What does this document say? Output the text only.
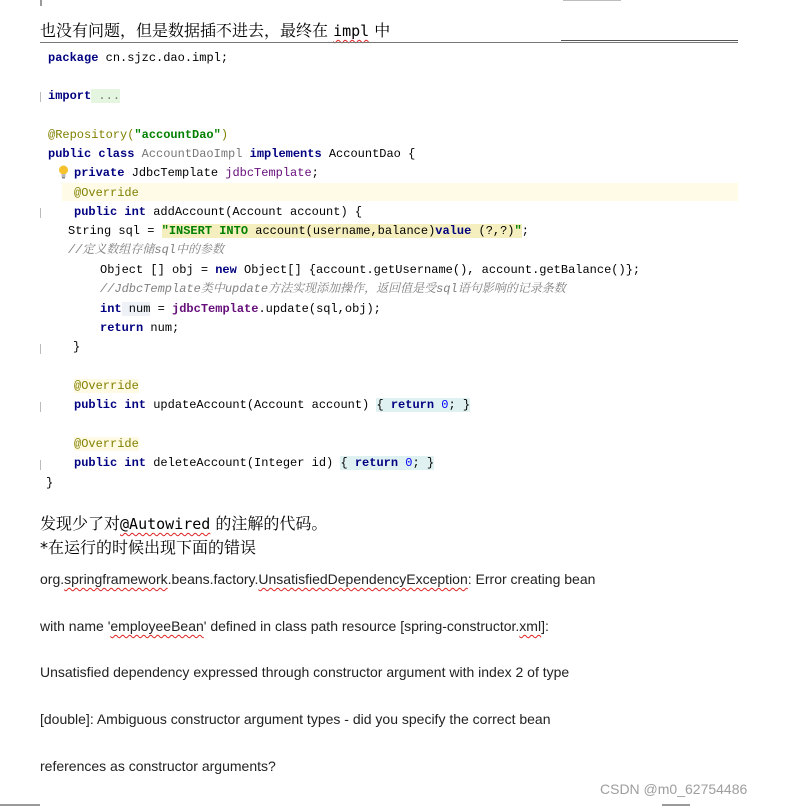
也没有问题，但是数据插不进去，最终在 impl 中
package cn.sjzc.dao.impl;
import ...
@Repository("accountDao")
public class AccountDaoImpl implements AccountDao {
private JdbcTemplate jdbcTemplate;
@Override
public int addAccount(Account account) {
String sql = "INSERT INTO account(username,balance)value (?,?)";
//定义数组存储sql中的参数
Object [] obj = new Object[] {account.getUsername(), account.getBalance()};
//JdbcTemplate类中update方法实现添加操作，返回值是受sql语句影响的记录条数
int num = jdbcTemplate.update(sql,obj);
return num;
}
@Override
public int updateAccount(Account account) { return 0; }
@Override
public int deleteAccount(Integer id) { return 0; }
}
发现少了对@Autowired 的注解的代码。
*在运行的时候出现下面的错误
org.springframework.beans.factory.UnsatisfiedDependencyException: Error creating bean
with name 'employeeBean' defined in class path resource [spring-constructor.xml]:
Unsatisfied dependency expressed through constructor argument with index 2 of type
[double]: Ambiguous constructor argument types - did you specify the correct bean
references as constructor arguments?
CSDN @m0_62754486
